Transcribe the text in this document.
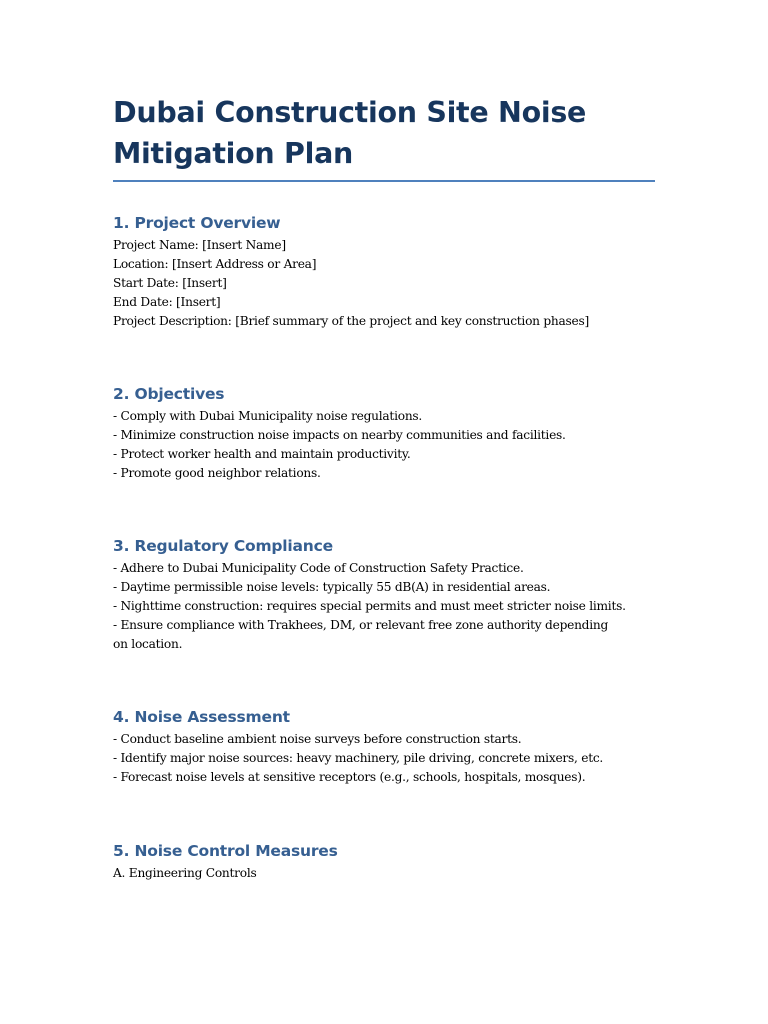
Dubai Construction Site Noise
Mitigation Plan
1. Project Overview

Project Name: [Insert Name]

Location: [Insert Address or Area]

Start Date: [Insert]

End Date: [Insert]

Project Description: [Brief summary of the project and key construction phases]

2. Objectives

- Comply with Dubai Municipality noise regulations.

- Minimize construction noise impacts on nearby communities and facilities.

- Protect worker health and maintain productivity.

- Promote good neighbor relations.

3. Regulatory Compliance

- Adhere to Dubai Municipality Code of Construction Safety Practice.

- Daytime permissible noise levels: typically 55 dB(A) in residential areas.

- Nighttime construction: requires special permits and must meet stricter noise limits.

- Ensure compliance with Trakhees, DM, or relevant free zone authority depending on location.

4. Noise Assessment

- Conduct baseline ambient noise surveys before construction starts.

- Identify major noise sources: heavy machinery, pile driving, concrete mixers, etc.

- Forecast noise levels at sensitive receptors (e.g., schools, hospitals, mosques).

5. Noise Control Measures

A. Engineering Controls
